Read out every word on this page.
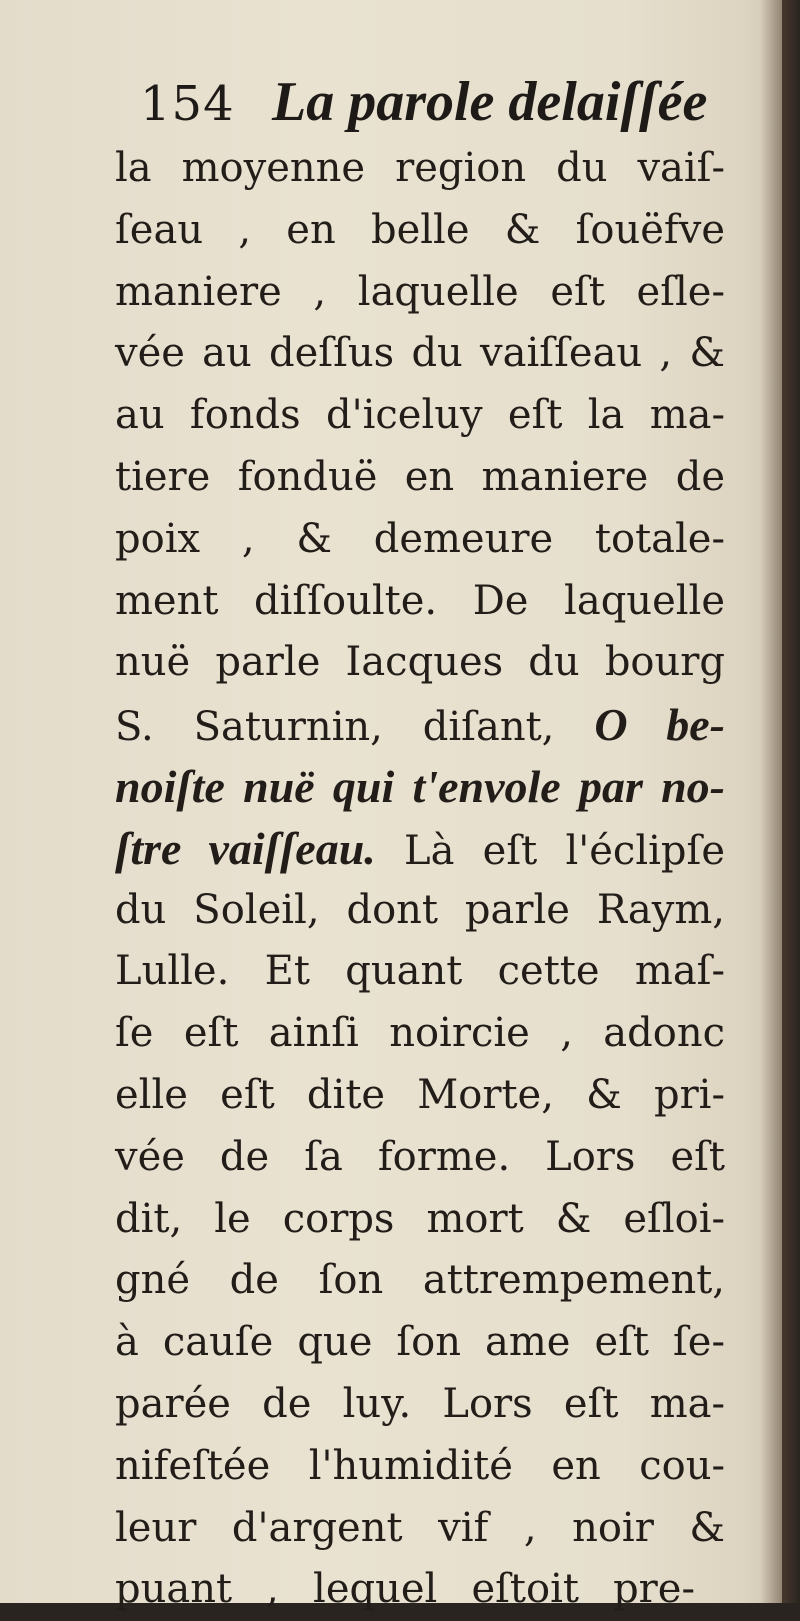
154 La parole delaiſſée
la moyenne region du vaiſ-
ſeau , en belle & ſouëfve
maniere , laquelle eſt eſle-
vée au deſſus du vaiſſeau , &
au fonds d'iceluy eſt la ma-
tiere fonduë en maniere de
poix , & demeure totale-
ment diſſoulte. De laquelle
nuë parle Iacques du bourg
S. Saturnin, diſant, O be-
noiſte nuë qui t'envole par no-
ſtre vaiſſeau. Là eſt l'éclipſe
du Soleil, dont parle Raym,
Lulle. Et quant cette maſ-
ſe eſt ainſi noircie , adonc
elle eſt dite Morte, & pri-
vée de ſa forme. Lors eſt
dit, le corps mort & eſloi-
gné de ſon attrempement,
à cauſe que ſon ame eſt ſe-
parée de luy. Lors eſt ma-
nifeſtée l'humidité en cou-
leur d'argent vif , noir &
puant , lequel eſtoit pre-
